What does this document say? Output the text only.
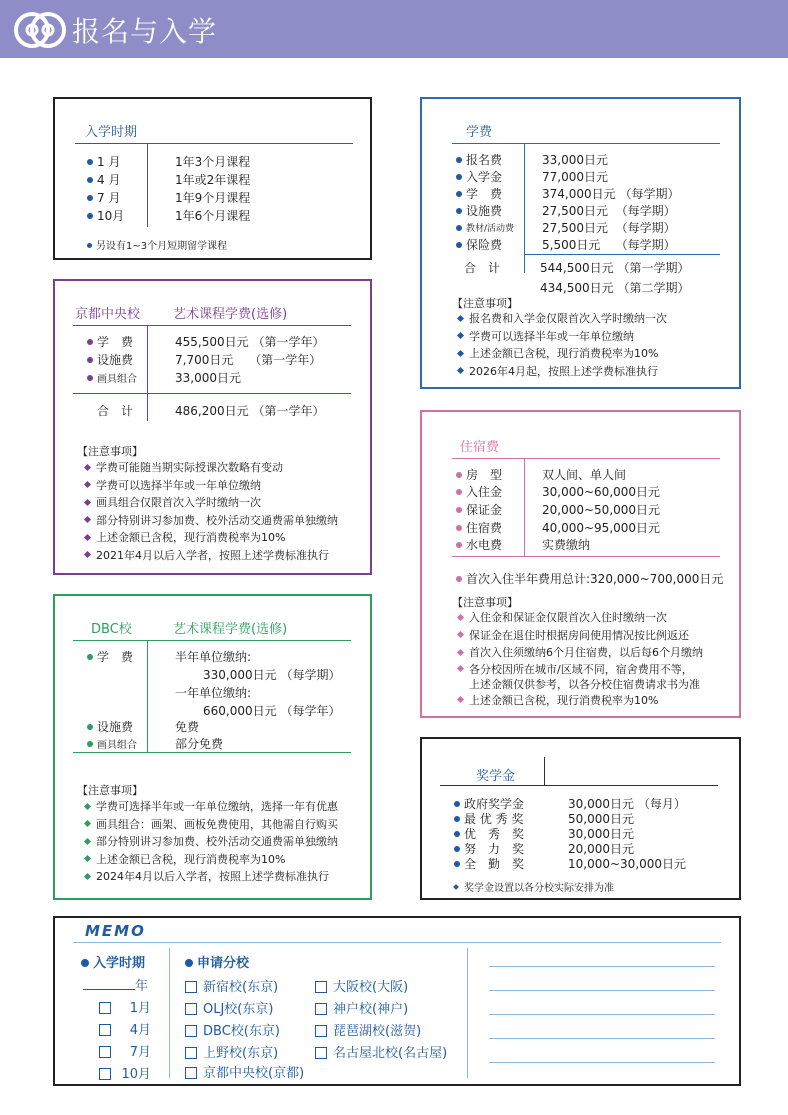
报名与入学
入学时期
1 月	1年3个月课程
4 月	1年或2年课程
7 月	1年9个月课程
10月	1年6个月课程
另设有1~3个月短期留学课程
京都中央校	艺术课程学费(选修)
学　费	455,500日元 （第一学年）
设施费	7,700日元 （第一学年）
画具组合	33,000日元
合　计	486,200日元 （第一学年）
【注意事项】
学费可能随当期实际授课次数略有变动
学费可以选择半年或一年单位缴纳
画具组合仅限首次入学时缴纳一次
部分特别讲习参加费、校外活动交通费需单独缴纳
上述金额已含税，现行消费税率为10%
2021年4月以后入学者，按照上述学费标准执行
DBC校	艺术课程学费(选修)
学　费	半年单位缴纳:
330,000日元 （每学期）
一年单位缴纳:
660,000日元 （每学年）
设施费	免费
画具组合	部分免费
【注意事项】
学费可选择半年或一年单位缴纳，选择一年有优惠
画具组合：画架、画板免费使用，其他需自行购买
部分特别讲习参加费、校外活动交通费需单独缴纳
上述金额已含税，现行消费税率为10%
2024年4月以后入学者，按照上述学费标准执行
学费
报名费	33,000日元
入学金	77,000日元
学　费	374,000日元 （每学期）
设施费	27,500日元 （每学期）
教材/活动费 27,500日元 （每学期）
保险费	5,500日元 （每学期）
合　计	544,500日元 （第一学期）
434,500日元 （第二学期）
【注意事项】
报名费和入学金仅限首次入学时缴纳一次
学费可以选择半年或一年单位缴纳
上述金额已含税，现行消费税率为10%
2026年4月起，按照上述学费标准执行
住宿费
房　型	双人间、单人间
入住金	30,000~60,000日元
保证金	20,000~50,000日元
住宿费	40,000~95,000日元
水电费	实费缴纳
首次入住半年费用总计:320,000~700,000日元
【注意事项】
入住金和保证金仅限首次入住时缴纳一次
保证金在退住时根据房间使用情况按比例返还
首次入住须缴纳6个月住宿费，以后每6个月缴纳
各分校因所在城市/区域不同，宿舍费用不等，
上述金额仅供参考，以各分校住宿费请求书为准
上述金额已含税，现行消费税率为10%
奖学金
政府奖学金	30,000日元 （每月）
最 优 秀 奖	50,000日元
优　秀　奖	30,000日元
努　力　奖	20,000日元
全　勤　奖	10,000~30,000日元
奖学金设置以各分校实际安排为准
MEMO
入学时期
年
1月
4月
7月
10月
申请分校
新宿校(东京)
OLJ校(东京)
DBC校(东京)
上野校(东京)
京都中央校(京都)
大阪校(大阪)
神户校(神户)
琵琶湖校(滋贺)
名古屋北校(名古屋)
